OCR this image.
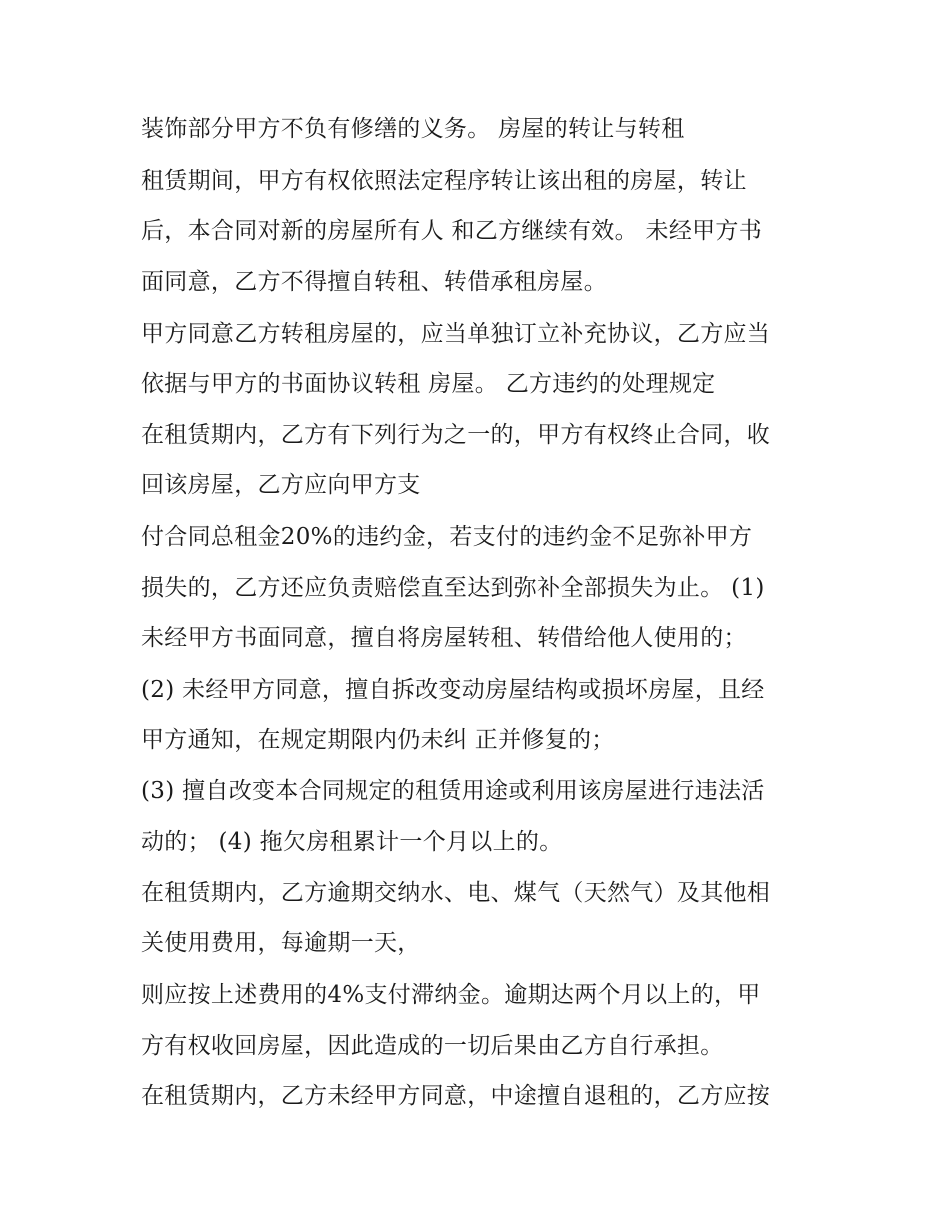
装饰部分甲方不负有修缮的义务。 房屋的转让与转租

租赁期间，甲方有权依照法定程序转让该出租的房屋，转让

后，本合同对新的房屋所有人 和乙方继续有效。 未经甲方书

面同意，乙方不得擅自转租、转借承租房屋。

甲方同意乙方转租房屋的，应当单独订立补充协议，乙方应当

依据与甲方的书面协议转租 房屋。 乙方违约的处理规定

在租赁期内，乙方有下列行为之一的，甲方有权终止合同，收

回该房屋，乙方应向甲方支

付合同总租金20%的违约金，若支付的违约金不足弥补甲方

损失的，乙方还应负责赔偿直至达到弥补全部损失为止。 (1)

未经甲方书面同意，擅自将房屋转租、转借给他人使用的；

(2) 未经甲方同意，擅自拆改变动房屋结构或损坏房屋，且经

甲方通知，在规定期限内仍未纠 正并修复的；

(3) 擅自改变本合同规定的租赁用途或利用该房屋进行违法活

动的； (4) 拖欠房租累计一个月以上的。

在租赁期内，乙方逾期交纳水、电、煤气（天然气）及其他相

关使用费用，每逾期一天，

则应按上述费用的4%支付滞纳金。逾期达两个月以上的，甲

方有权收回房屋，因此造成的一切后果由乙方自行承担。

在租赁期内，乙方未经甲方同意，中途擅自退租的，乙方应按
